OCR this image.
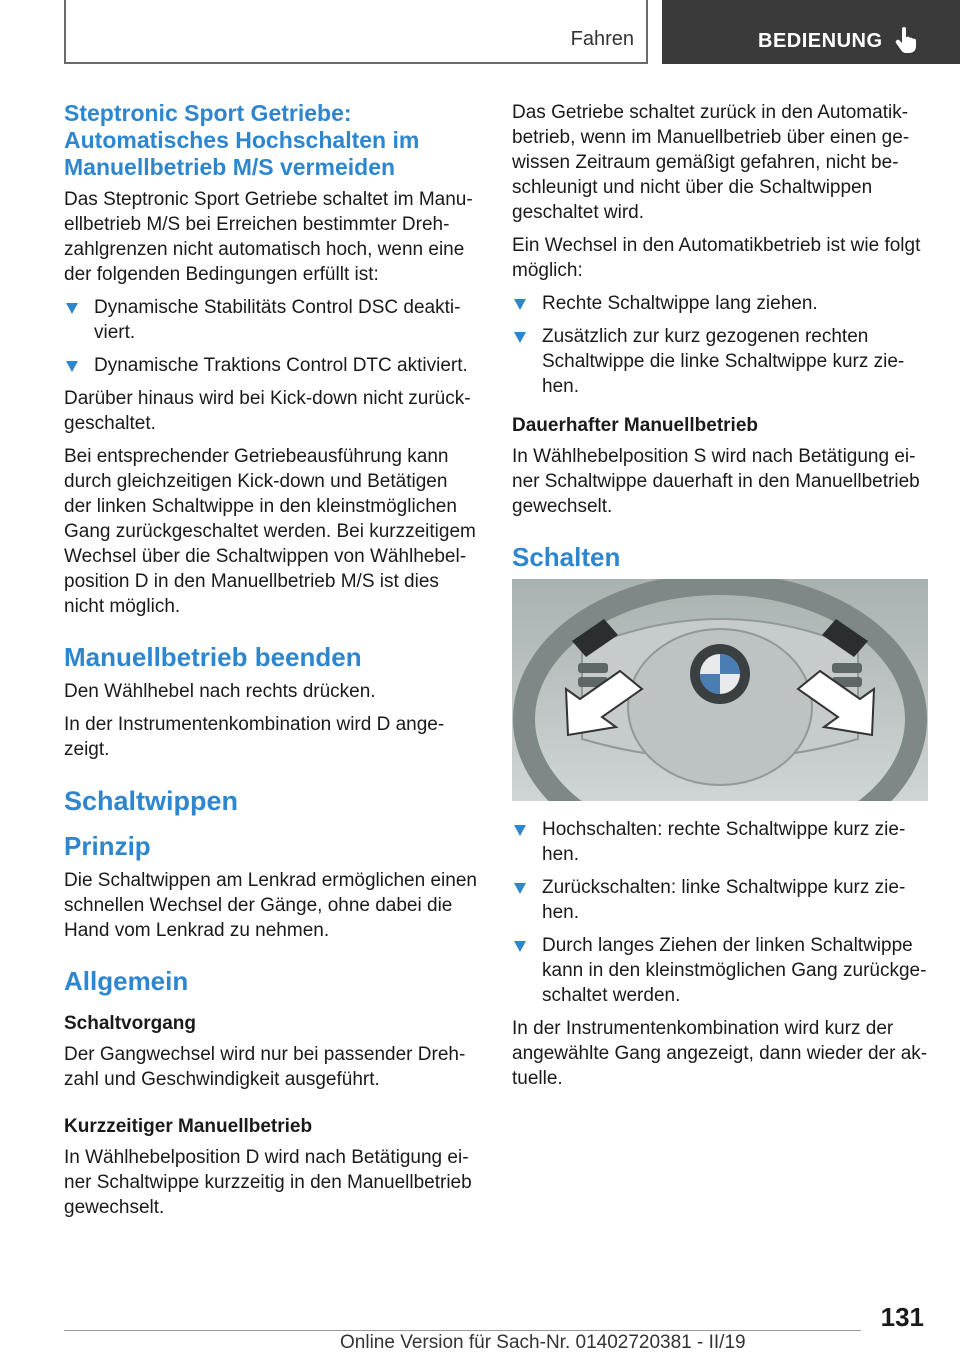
Fahren	BEDIENUNG
Steptronic Sport Getriebe: Automatisches Hochschalten im Manuellbetrieb M/S vermeiden
Das Steptronic Sport Getriebe schaltet im Manuellbetrieb M/S bei Erreichen bestimmter Drehzahlgrenzen nicht automatisch hoch, wenn eine der folgenden Bedingungen erfüllt ist:
Dynamische Stabilitäts Control DSC deaktiviert.
Dynamische Traktions Control DTC aktiviert.
Darüber hinaus wird bei Kick-down nicht zurückgeschaltet.
Bei entsprechender Getriebeausführung kann durch gleichzeitigen Kick-down und Betätigen der linken Schaltwippe in den kleinstmöglichen Gang zurückgeschaltet werden. Bei kurzzeitigem Wechsel über die Schaltwippen von Wählhebelposition D in den Manuellbetrieb M/S ist dies nicht möglich.
Manuellbetrieb beenden
Den Wählhebel nach rechts drücken.
In der Instrumentenkombination wird D angezeigt.
Schaltwippen
Prinzip
Die Schaltwippen am Lenkrad ermöglichen einen schnellen Wechsel der Gänge, ohne dabei die Hand vom Lenkrad zu nehmen.
Allgemein
Schaltvorgang
Der Gangwechsel wird nur bei passender Drehzahl und Geschwindigkeit ausgeführt.
Kurzzeitiger Manuellbetrieb
In Wählhebelposition D wird nach Betätigung einer Schaltwippe kurzzeitig in den Manuellbetrieb gewechselt.
Das Getriebe schaltet zurück in den Automatikbetrieb, wenn im Manuellbetrieb über einen gewissen Zeitraum gemäßigt gefahren, nicht beschleunigt und nicht über die Schaltwippen geschaltet wird.
Ein Wechsel in den Automatikbetrieb ist wie folgt möglich:
Rechte Schaltwippe lang ziehen.
Zusätzlich zur kurz gezogenen rechten Schaltwippe die linke Schaltwippe kurz ziehen.
Dauerhafter Manuellbetrieb
In Wählhebelposition S wird nach Betätigung einer Schaltwippe dauerhaft in den Manuellbetrieb gewechselt.
Schalten
Hochschalten: rechte Schaltwippe kurz ziehen.
Zurückschalten: linke Schaltwippe kurz ziehen.
Durch langes Ziehen der linken Schaltwippe kann in den kleinstmöglichen Gang zurückgeschaltet werden.
In der Instrumentenkombination wird kurz der angewählte Gang angezeigt, dann wieder der aktuelle.
131
Online Version für Sach-Nr. 01402720381 - II/19
